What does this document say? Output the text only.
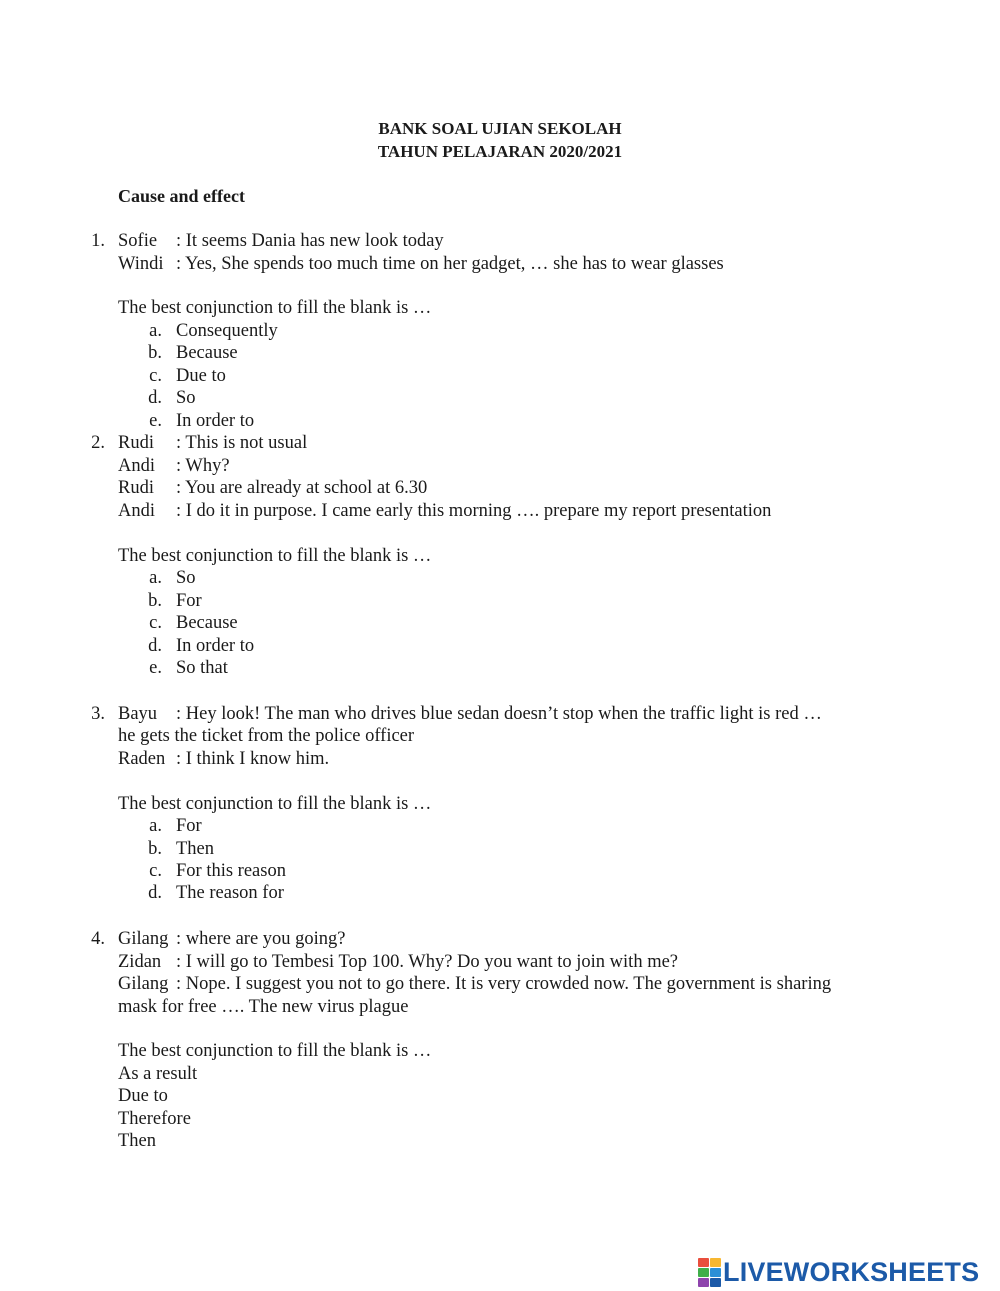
BANK SOAL UJIAN SEKOLAH
TAHUN PELAJARAN 2020/2021
Cause and effect
1. Sofie : It seems Dania has new look today
Windi : Yes, She spends too much time on her gadget, … she has to wear glasses
The best conjunction to fill the blank is …
a. Consequently
b. Because
c. Due to
d. So
e. In order to
2. Rudi : This is not usual
Andi : Why?
Rudi : You are already at school at 6.30
Andi : I do it in purpose. I came early this morning …. prepare my report presentation
The best conjunction to fill the blank is …
a. So
b. For
c. Because
d. In order to
e. So that
3. Bayu : Hey look! The man who drives blue sedan doesn’t stop when the traffic light is red …
he gets the ticket from the police officer
Raden : I think I know him.
The best conjunction to fill the blank is …
a. For
b. Then
c. For this reason
d. The reason for
4. Gilang : where are you going?
Zidan : I will go to Tembesi Top 100. Why? Do you want to join with me?
Gilang : Nope. I suggest you not to go there. It is very crowded now. The government is sharing
mask for free …. The new virus plague
The best conjunction to fill the blank is …
As a result
Due to
Therefore
Then
LIVEWORKSHEETS
